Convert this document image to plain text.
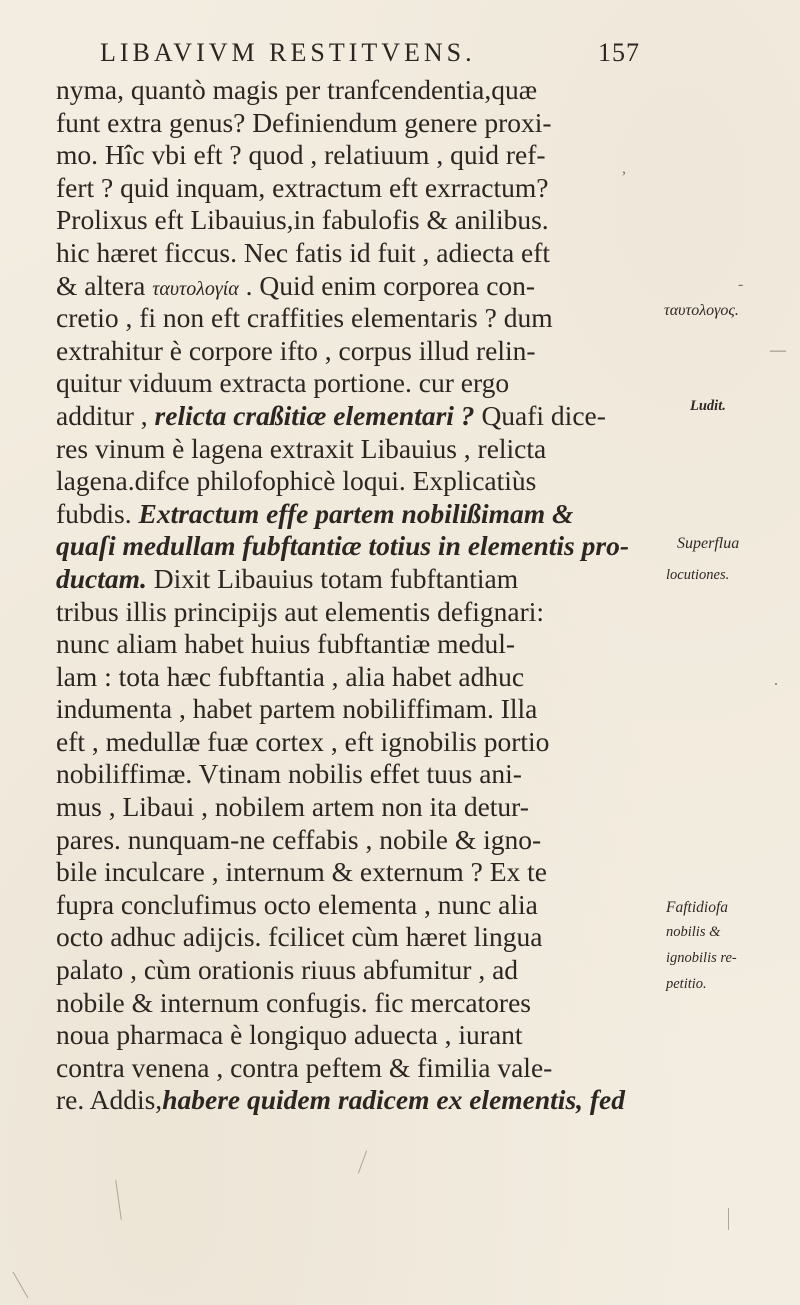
LIBAVIVM RESTITVENS.	157
nyma, quantò magis per tranfcendentia,quæ
funt extra genus? Definiendum genere proxi-
mo. Hîc vbi eft ? quod , relatiuum , quid ref-
fert ? quid inquam, extractum eft exrractum?
Prolixus eft Libauius,in fabulofis & anilibus.
hic hæret ficcus. Nec fatis id fuit , adiecta eft
& altera ταυτολογία . Quid enim corporea con-
cretio , fi non eft craffities elementaris ? dum
extrahitur è corpore ifto , corpus illud relin-
quitur viduum extracta portione. cur ergo
additur , relicta craßitiæ elementari ? Quafi dice-
res vinum è lagena extraxit Libauius , relicta
lagena.difce philofophicè loqui. Explicatiùs
fubdis. Extractum effe partem nobilißimam &
quaſi medullam fubftantiæ totius in elementis pro-
ductam. Dixit Libauius totam fubftantiam
tribus illis principijs aut elementis defignari:
nunc aliam habet huius fubftantiæ medul-
lam : tota hæc fubftantia , alia habet adhuc
indumenta , habet partem nobiliffimam. Illa
eft , medullæ fuæ cortex , eft ignobilis portio
nobiliffimæ. Vtinam nobilis effet tuus ani-
mus , Libaui , nobilem artem non ita detur-
pares. nunquam-ne ceffabis , nobile & igno-
bile inculcare , internum & externum ? Ex te
fupra conclufimus octo elementa , nunc alia
octo adhuc adijcis. fcilicet cùm hæret lingua
palato , cùm orationis riuus abfumitur , ad
nobile & internum confugis. fic mercatores
noua pharmaca è longiquo aduecta , iurant
contra venena , contra peftem & fimilia vale-
re. Addis,habere quidem radicem ex elementis, fed
ταυτολογος.
Ludit.
Superflua
locutiones.
Faftidiofa
nobilis &
ignobilis re-
petitio.
,
-
—
.
